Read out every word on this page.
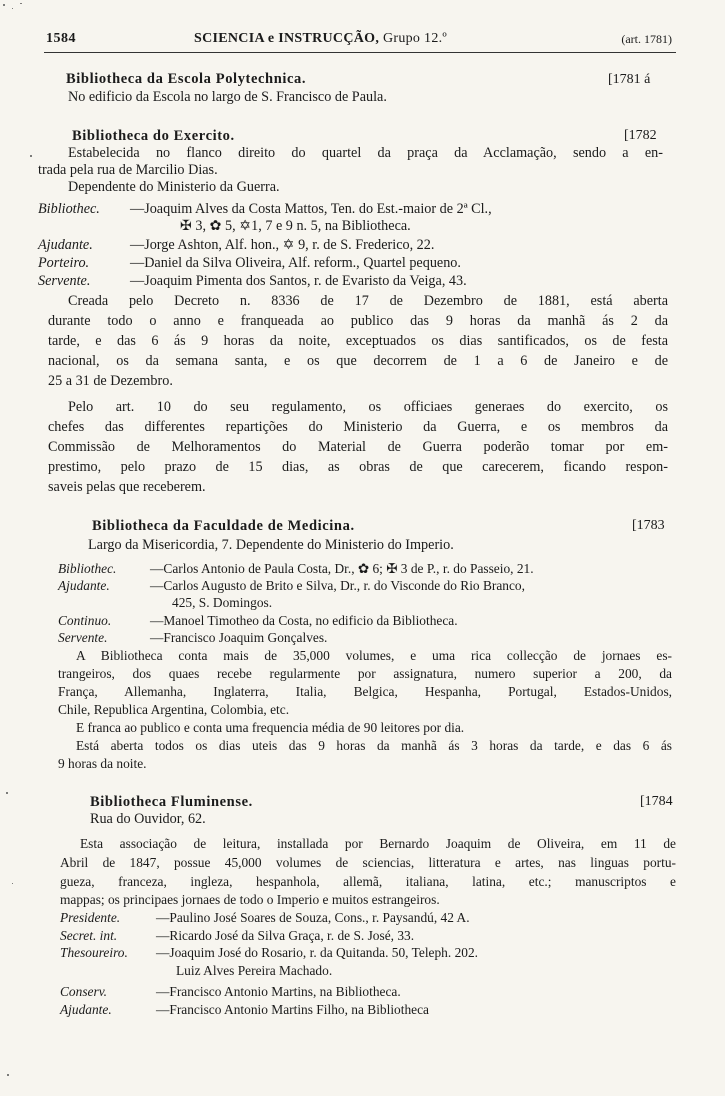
1584	SCIENCIA e INSTRUCÇÃO, Grupo 12.º	(art. 1781)
Bibliotheca da Escola Polytechnica.	[1781 á
No edificio da Escola no largo de S. Francisco de Paula.
Bibliotheca do Exercito.	[1782
Estabelecida no flanco direito do quartel da praça da Acclamação, sendo a en-
trada pela rua de Marcilio Dias.
Dependente do Ministerio da Guerra.
Bibliothec. —Joaquim Alves da Costa Mattos, Ten. do Est.-maior de 2ª Cl.,
✠ 3, ✿ 5, ✡1, 7 e 9 n. 5, na Bibliotheca.
Ajudante.	—Jorge Ashton, Alf. hon., ✡ 9, r. de S. Frederico, 22.
Porteiro.	—Daniel da Silva Oliveira, Alf. reform., Quartel pequeno.
Servente.	—Joaquim Pimenta dos Santos, r. de Evaristo da Veiga, 43.
Creada pelo Decreto n. 8336 de 17 de Dezembro de 1881, está aberta
durante todo o anno e franqueada ao publico das 9 horas da manhã ás 2 da
tarde, e das 6 ás 9 horas da noite, exceptuados os dias santificados, os de festa
nacional, os da semana santa, e os que decorrem de 1 a 6 de Janeiro e de
25 a 31 de Dezembro.
Pelo art. 10 do seu regulamento, os officiaes generaes do exercito, os
chefes das differentes repartições do Ministerio da Guerra, e os membros da
Commissão de Melhoramentos do Material de Guerra poderão tomar por em-
prestimo, pelo prazo de 15 dias, as obras de que carecerem, ficando respon-
saveis pelas que receberem.
Bibliotheca da Faculdade de Medicina.	[1783
Largo da Misericordia, 7. Dependente do Ministerio do Imperio.
Bibliothec.	—Carlos Antonio de Paula Costa, Dr., ✿ 6; ✠ 3 de P., r. do Passeio, 21.
Ajudante.	—Carlos Augusto de Brito e Silva, Dr., r. do Visconde do Rio Branco,
425, S. Domingos.
Continuo.	—Manoel Timotheo da Costa, no edificio da Bibliotheca.
Servente.	—Francisco Joaquim Gonçalves.
A Bibliotheca conta mais de 35,000 volumes, e uma rica collecção de jornaes es-
trangeiros, dos quaes recebe regularmente por assignatura, numero superior a 200, da
França, Allemanha, Inglaterra, Italia, Belgica, Hespanha, Portugal, Estados-Unidos,
Chile, Republica Argentina, Colombia, etc.
E franca ao publico e conta uma frequencia média de 90 leitores por dia.
Está aberta todos os dias uteis das 9 horas da manhã ás 3 horas da tarde, e das 6 ás
9 horas da noite.
Bibliotheca Fluminense.	[1784
Rua do Ouvidor, 62.
Esta associação de leitura, installada por Bernardo Joaquim de Oliveira, em 11 de
Abril de 1847, possue 45,000 volumes de sciencias, litteratura e artes, nas linguas portu-
gueza, franceza, ingleza, hespanhola, allemã, italiana, latina, etc.; manuscriptos e
mappas; os principaes jornaes de todo o Imperio e muitos estrangeiros.
Presidente.	—Paulino José Soares de Souza, Cons., r. Paysandú, 42 A.
Secret. int.	—Ricardo José da Silva Graça, r. de S. José, 33.
Thesoureiro. —Joaquim José do Rosario, r. da Quitanda. 50, Teleph. 202.
Luiz Alves Pereira Machado.
Conserv.	—Francisco Antonio Martins, na Bibliotheca.
Ajudante.	—Francisco Antonio Martins Filho, na Bibliotheca
